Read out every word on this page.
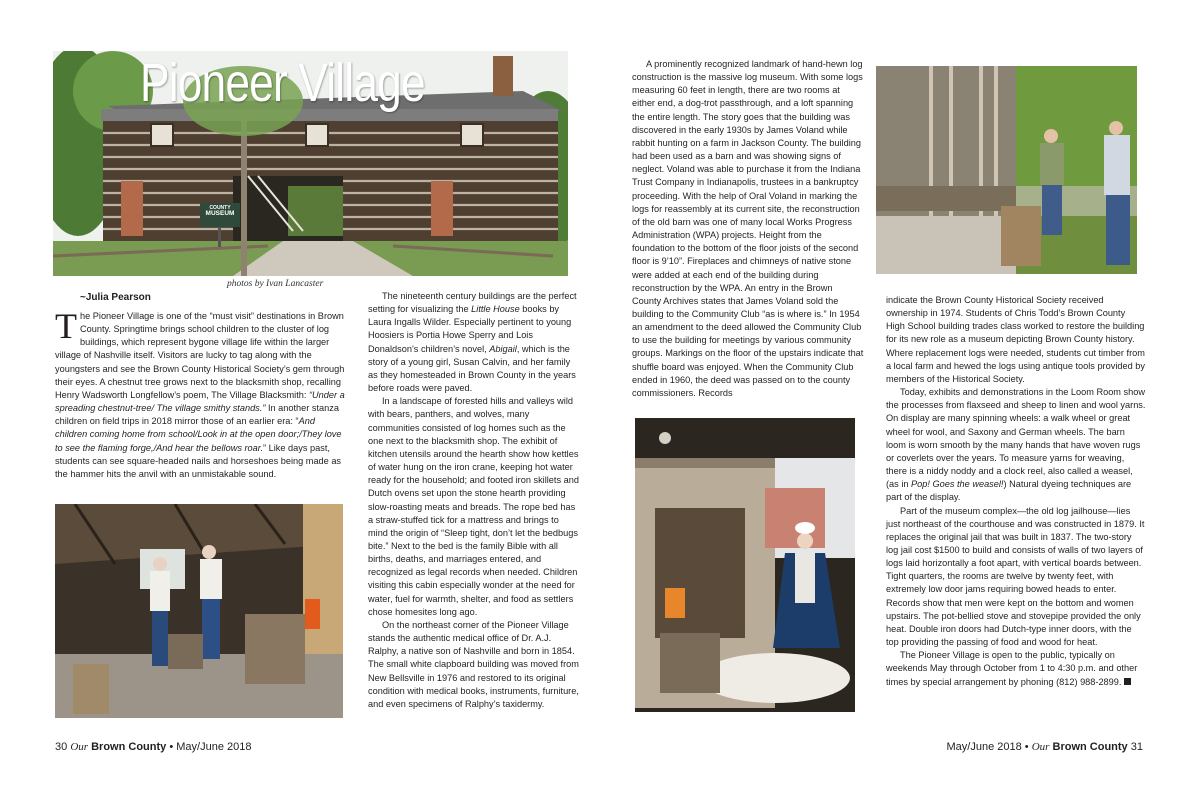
COUNTY
MUSEUM
Pioneer Village
photos by Ivan Lancaster
~Julia Pearson

The Pioneer Village is one of the “must visit” destinations in Brown County. Springtime brings school children to the cluster of log buildings, which represent bygone village life within the larger village of Nashville itself. Visitors are lucky to tag along with the youngsters and see the Brown County Historical Society’s gem through their eyes. A chestnut tree grows next to the blacksmith shop, recalling Henry Wadsworth Longfellow’s poem, The Village Blacksmith: “Under a spreading chestnut-tree/ The village smithy stands.” In another stanza children on field trips in 2018 mirror those of an earlier era: “And children coming home from school/Look in at the open door;/They love to see the flaming forge,/And hear the bellows roar.” Like days past, students can see square-headed nails and horseshoes being made as the hammer hits the anvil with an unmistakable sound.

The nineteenth century buildings are the perfect setting for visualizing the Little House books by Laura Ingalls Wilder. Especially pertinent to young Hoosiers is Portia Howe Sperry and Lois Donaldson’s children’s novel, Abigail, which is the story of a young girl, Susan Calvin, and her family as they homesteaded in Brown County in the years before roads were paved.

In a landscape of forested hills and valleys wild with bears, panthers, and wolves, many communities consisted of log homes such as the one next to the blacksmith shop. The exhibit of kitchen utensils around the hearth show how kettles of water hung on the iron crane, keeping hot water ready for the household; and footed iron skillets and Dutch ovens set upon the stone hearth providing slow-roasting meats and breads. The rope bed has a straw-stuffed tick for a mattress and brings to mind the origin of “Sleep tight, don’t let the bedbugs bite.” Next to the bed is the family Bible with all births, deaths, and marriages entered, and recognized as legal records when needed. Children visiting this cabin especially wonder at the need for water, fuel for warmth, shelter, and food as settlers chose homesites long ago.

On the northeast corner of the Pioneer Village stands the authentic medical office of Dr. A.J. Ralphy, a native son of Nashville and born in 1854. The small white clapboard building was moved from New Bellsville in 1976 and restored to its original condition with medical books, instruments, furniture, and even specimens of Ralphy’s taxidermy.

A prominently recognized landmark of hand-hewn log construction is the massive log museum. With some logs measuring 60 feet in length, there are two rooms at either end, a dog-trot passthrough, and a loft spanning the entire length. The story goes that the building was discovered in the early 1930s by James Voland while rabbit hunting on a farm in Jackson County. The building had been used as a barn and was showing signs of neglect. Voland was able to purchase it from the Indiana Trust Company in Indianapolis, trustees in a bankruptcy proceeding. With the help of Oral Voland in marking the logs for reassembly at its current site, the reconstruction of the old barn was one of many local Works Progress Administration (WPA) projects. Height from the foundation to the bottom of the floor joists of the second floor is 9’10”. Fireplaces and chimneys of native stone were added at each end of the building during reconstruction by the WPA. An entry in the Brown County Archives states that James Voland sold the building to the Community Club “as is where is.” In 1954 an amendment to the deed allowed the Community Club to use the building for meetings by various community groups. Markings on the floor of the upstairs indicate that shuffle board was enjoyed. When the Community Club ended in 1960, the deed was passed on to the county commissioners. Records

indicate the Brown County Historical Society received ownership in 1974. Students of Chris Todd’s Brown County High School building trades class worked to restore the building for its new role as a museum depicting Brown County history. Where replacement logs were needed, students cut timber from a local farm and hewed the logs using antique tools provided by members of the Historical Society.

Today, exhibits and demonstrations in the Loom Room show the processes from flaxseed and sheep to linen and wool yarns. On display are many spinning wheels: a walk wheel or great wheel for wool, and Saxony and German wheels. The barn loom is worn smooth by the many hands that have woven rugs or coverlets over the years. To measure yarns for weaving, there is a niddy noddy and a clock reel, also called a weasel, (as in Pop! Goes the weasel!) Natural dyeing techniques are part of the display.

Part of the museum complex—the old log jailhouse—lies just northeast of the courthouse and was constructed in 1879. It replaces the original jail that was built in 1837. The two-story log jail cost $1500 to build and consists of walls of two layers of logs laid horizontally a foot apart, with vertical boards between. Tight quarters, the rooms are twelve by twenty feet, with extremely low door jams requiring bowed heads to enter. Records show that men were kept on the bottom and women upstairs. The pot-bellied stove and stovepipe provided the only heat. Double iron doors had Dutch-type inner doors, with the top providing the passing of food and wood for heat.

The Pioneer Village is open to the public, typically on weekends May through October from 1 to 4:30 p.m. and other times by special arrangement by phoning (812) 988-2899.

30 Our Brown County • May/June 2018	May/June 2018 • Our Brown County 31
